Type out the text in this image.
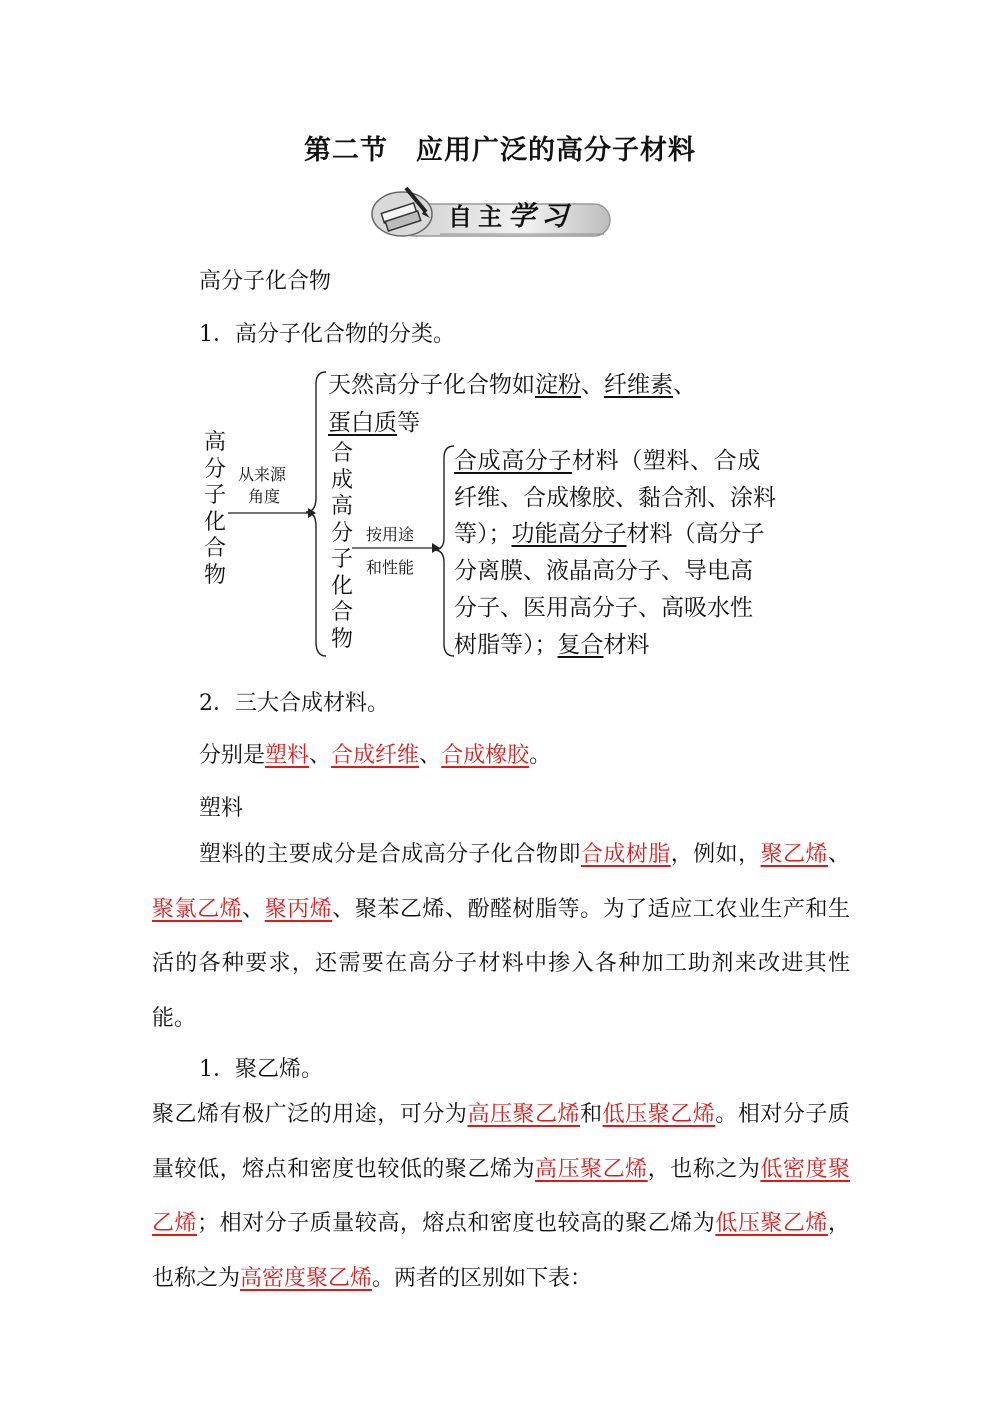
第二节　应用广泛的高分子材料
自主学习
高分子化合物
1．高分子化合物的分类。
高
分
子
化
合
物
从来源
角度
天然高分子化合物如淀粉、纤维素、
蛋白质等
合
成
高
分
子
化
合
物
按用途
和性能
合成高分子材料（塑料、合成
纤维、合成橡胶、黏合剂、涂料
等）；功能高分子材料（高分子
分离膜、液晶高分子、导电高
分子、医用高分子、高吸水性
树脂等）；复合材料
2．三大合成材料。
分别是塑料、合成纤维、合成橡胶。
塑料
塑料的主要成分是合成高分子化合物即合成树脂，例如，聚乙烯、聚氯乙烯、聚丙烯、聚苯乙烯、酚醛树脂等。为了适应工农业生产和生活的各种要求，还需要在高分子材料中掺入各种加工助剂来改进其性能。
1．聚乙烯。
聚乙烯有极广泛的用途，可分为高压聚乙烯和低压聚乙烯。相对分子质量较低，熔点和密度也较低的聚乙烯为高压聚乙烯，也称之为低密度聚乙烯；相对分子质量较高，熔点和密度也较高的聚乙烯为低压聚乙烯，也称之为高密度聚乙烯。两者的区别如下表：
